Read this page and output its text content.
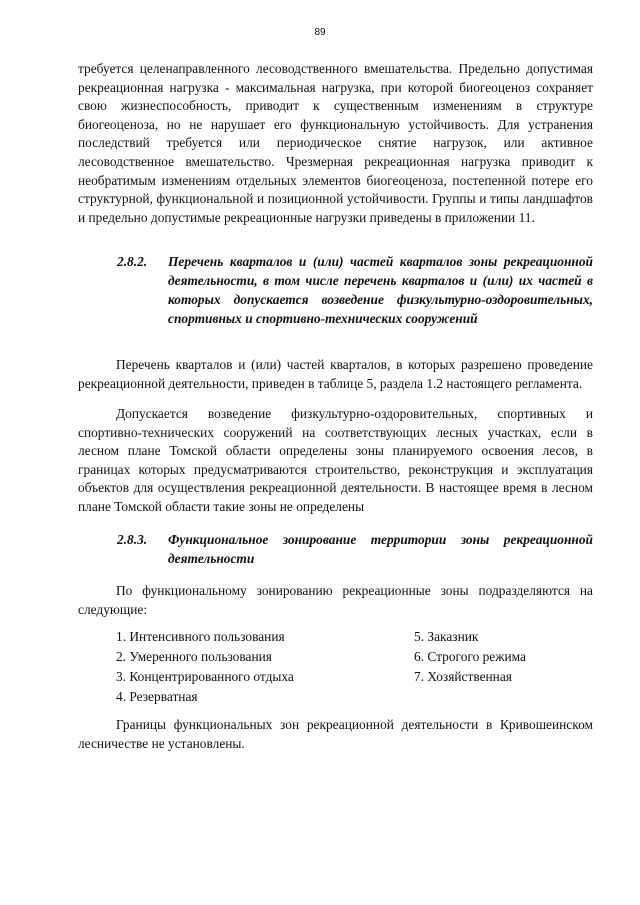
89

требуется целенаправленного лесоводственного вмешательства. Предельно допустимая рекреационная нагрузка - максимальная нагрузка, при которой биогеоценоз сохраняет свою жизнеспособность, приводит к существенным изменениям в структуре биогеоценоза, но не нарушает его функциональную устойчивость. Для устранения последствий требуется или периодическое снятие нагрузок, или активное лесоводственное вмешательство. Чрезмерная рекреационная нагрузка приводит к необратимым изменениям отдельных элементов биогеоценоза, постепенной потере его структурной, функциональной и позиционной устойчивости. Группы и типы ландшафтов и предельно допустимые рекреационные нагрузки приведены в приложении 11.

2.8.2.	Перечень кварталов и (или) частей кварталов зоны рекреационной деятельности, в том числе перечень кварталов и (или) их частей в которых допускается возведение физкультурно-оздоровительных, спортивных и спортивно-технических сооружений

Перечень кварталов и (или) частей кварталов, в которых разрешено проведение рекреационной деятельности, приведен в таблице 5, раздела 1.2 настоящего регламента.

Допускается возведение физкультурно-оздоровительных, спортивных и спортивно-технических сооружений на соответствующих лесных участках, если в лесном плане Томской области определены зоны планируемого освоения лесов, в границах которых предусматриваются строительство, реконструкция и эксплуатация объектов для осуществления рекреационной деятельности. В настоящее время в лесном плане Томской области такие зоны не определены

2.8.3.	Функциональное зонирование территории зоны рекреационной деятельности

По функциональному зонированию рекреационные зоны подразделяются на следующие:

1. Интенсивного пользования
2. Умеренного пользования
3. Концентрированного отдыха
4. Резерватная
5. Заказник
6. Строгого режима
7. Хозяйственная

Границы функциональных зон рекреационной деятельности в Кривошеинском лесничестве не установлены.
